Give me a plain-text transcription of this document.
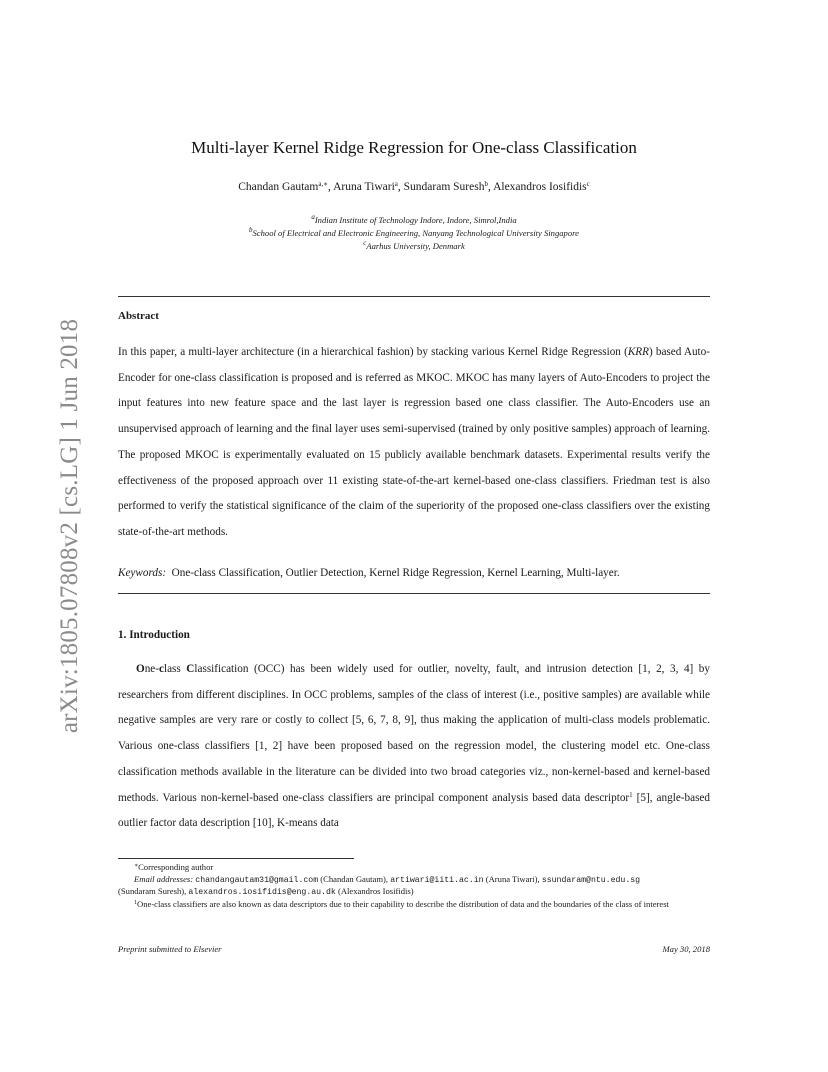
arXiv:1805.07808v2 [cs.LG] 1 Jun 2018
Multi-layer Kernel Ridge Regression for One-class Classification
Chandan Gautam$^{a,∗}$, Aruna Tiwari$^a$, Sundaram Suresh$^b$, Alexandros Iosifidis$^c$
$^a$Indian Institute of Technology Indore, Indore, Simrol,India
$^b$School of Electrical and Electronic Engineering, Nanyang Technological University Singapore
$^c$Aarhus University, Denmark
Abstract

In this paper, a multi-layer architecture (in a hierarchical fashion) by stacking various Kernel Ridge Regression (KRR) based Auto-Encoder for one-class classification is proposed and is referred as MKOC. MKOC has many layers of Auto-Encoders to project the input features into new feature space and the last layer is regression based one class classifier. The Auto-Encoders use an unsupervised approach of learning and the final layer uses semi-supervised (trained by only positive samples) approach of learning. The proposed MKOC is experimentally evaluated on 15 publicly available benchmark datasets. Experimental results verify the effectiveness of the proposed approach over 11 existing state-of-the-art kernel-based one-class classifiers. Friedman test is also performed to verify the statistical significance of the claim of the superiority of the proposed one-class classifiers over the existing state-of-the-art methods.

Keywords: One-class Classification, Outlier Detection, Kernel Ridge Regression, Kernel Learning, Multi-layer.
1. Introduction

One-class Classification (OCC) has been widely used for outlier, novelty, fault, and intrusion detection [1, 2, 3, 4] by researchers from different disciplines. In OCC problems, samples of the class of interest (i.e., positive samples) are available while negative samples are very rare or costly to collect [5, 6, 7, 8, 9], thus making the application of multi-class models problematic. Various one-class classifiers [1, 2] have been proposed based on the regression model, the clustering model etc. One-class classification methods available in the literature can be divided into two broad categories viz., non-kernel-based and kernel-based methods. Various non-kernel-based one-class classifiers are principal component analysis based data descriptor$^1$ [5], angle-based outlier factor data description [10], K-means data

∗Corresponding author
Email addresses: chandangautam31@gmail.com (Chandan Gautam), artiwari@iiti.ac.in (Aruna Tiwari), ssundaram@ntu.edu.sg
(Sundaram Suresh), alexandros.iosifidis@eng.au.dk (Alexandros Iosifidis)
$^1$One-class classifiers are also known as data descriptors due to their capability to describe the distribution of data and the boundaries of the class of interest
Preprint submitted to Elsevier	May 30, 2018
